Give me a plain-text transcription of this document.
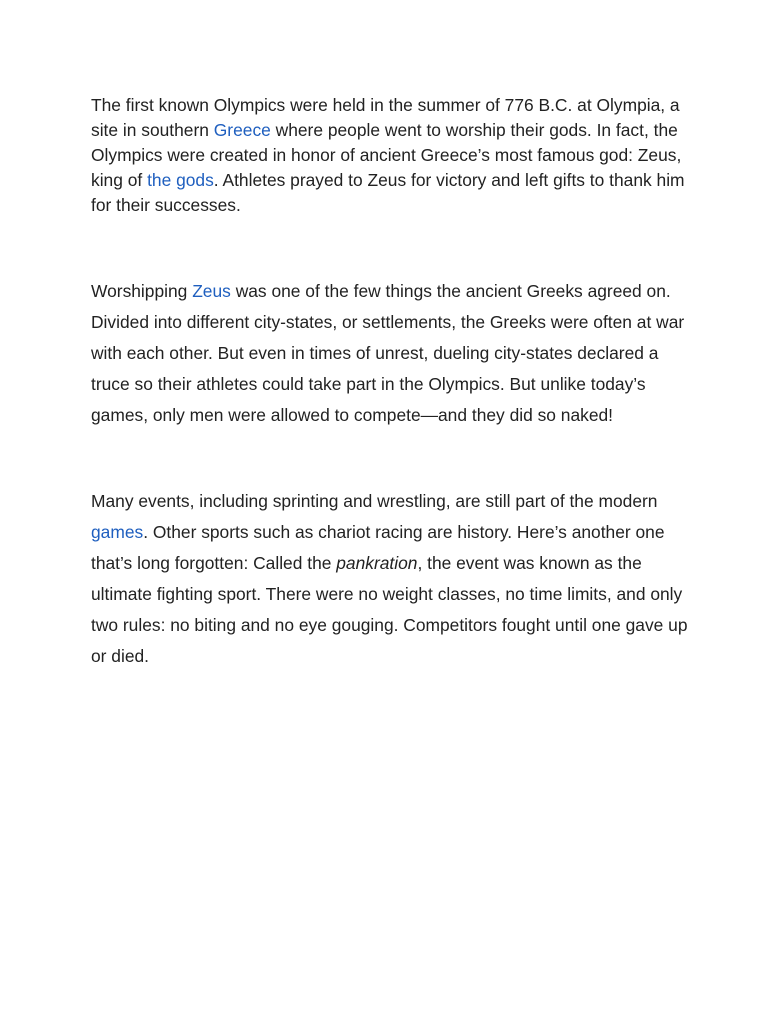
The first known Olympics were held in the summer of 776 B.C. at Olympia, a site in southern Greece where people went to worship their gods. In fact, the Olympics were created in honor of ancient Greece’s most famous god: Zeus, king of the gods. Athletes prayed to Zeus for victory and left gifts to thank him for their successes.

Worshipping Zeus was one of the few things the ancient Greeks agreed on. Divided into different city-states, or settlements, the Greeks were often at war with each other. But even in times of unrest, dueling city-states declared a truce so their athletes could take part in the Olympics. But unlike today’s games, only men were allowed to compete—and they did so naked!

Many events, including sprinting and wrestling, are still part of the modern games. Other sports such as chariot racing are history. Here’s another one that’s long forgotten: Called the pankration, the event was known as the ultimate fighting sport. There were no weight classes, no time limits, and only two rules: no biting and no eye gouging. Competitors fought until one gave up or died.
